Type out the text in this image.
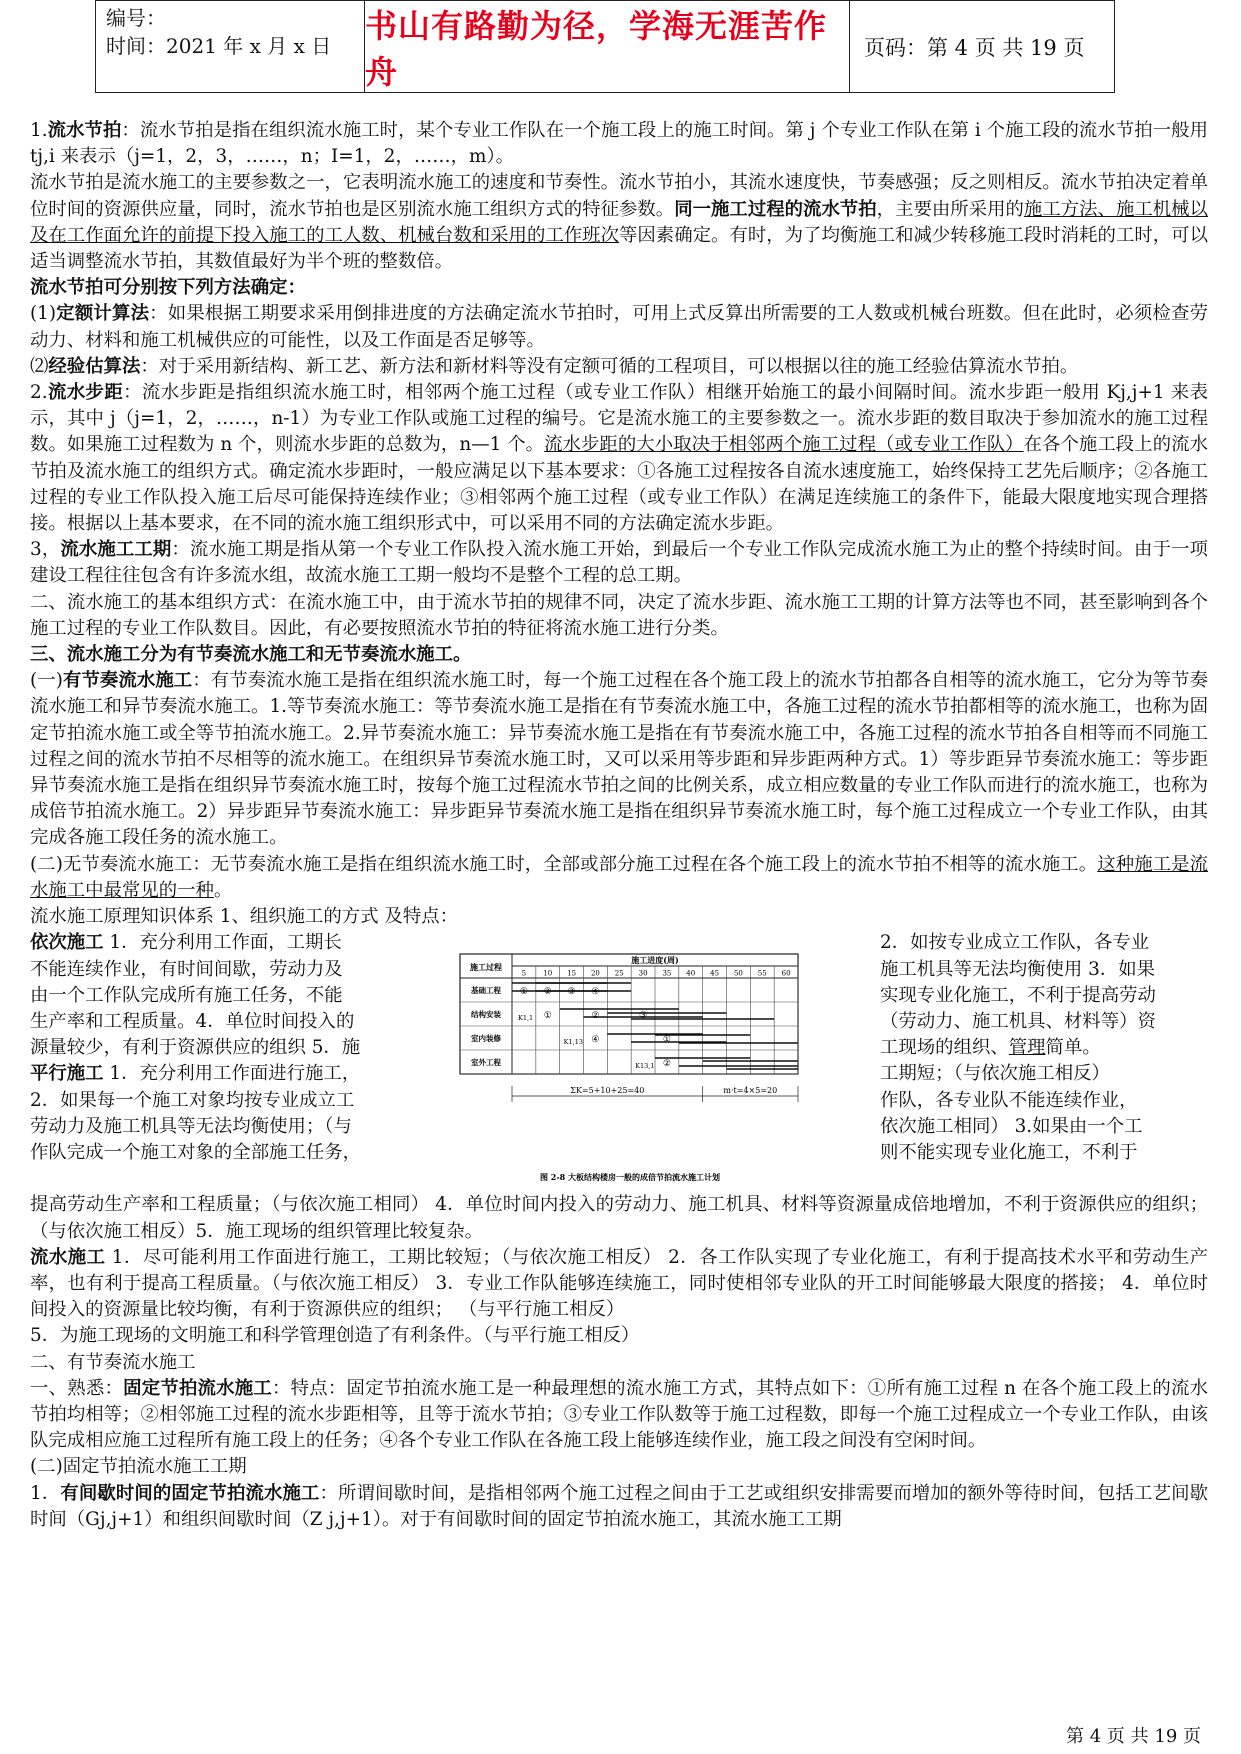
编号：
时间：2021 年 x 月 x 日
书山有路勤为径，学海无涯苦作舟
页码：第 4 页 共 19 页

1.流水节拍：流水节拍是指在组织流水施工时，某个专业工作队在一个施工段上的施工时间。第 j 个专业工作队在第 i 个施工段的流水节拍一般用 tj,i 来表示（j=1，2，3，……，n；I=1，2，……，m）。

流水节拍是流水施工的主要参数之一，它表明流水施工的速度和节奏性。流水节拍小，其流水速度快，节奏感强；反之则相反。流水节拍决定着单位时间的资源供应量，同时，流水节拍也是区别流水施工组织方式的特征参数。同一施工过程的流水节拍，主要由所采用的施工方法、施工机械以及在工作面允许的前提下投入施工的工人数、机械台数和采用的工作班次等因素确定。有时，为了均衡施工和减少转移施工段时消耗的工时，可以适当调整流水节拍，其数值最好为半个班的整数倍。

流水节拍可分别按下列方法确定：

(1)定额计算法：如果根据工期要求采用倒排进度的方法确定流水节拍时，可用上式反算出所需要的工人数或机械台班数。但在此时，必须检查劳动力、材料和施工机械供应的可能性，以及工作面是否足够等。

⑵经验估算法：对于采用新结构、新工艺、新方法和新材料等没有定额可循的工程项目，可以根据以往的施工经验估算流水节拍。

2.流水步距：流水步距是指组织流水施工时，相邻两个施工过程（或专业工作队）相继开始施工的最小间隔时间。流水步距一般用 Kj,j+1 来表示，其中 j（j=1，2，……，n-1）为专业工作队或施工过程的编号。它是流水施工的主要参数之一。流水步距的数目取决于参加流水的施工过程数。如果施工过程数为 n 个，则流水步距的总数为，n—1 个。流水步距的大小取决于相邻两个施工过程（或专业工作队）在各个施工段上的流水节拍及流水施工的组织方式。确定流水步距时，一般应满足以下基本要求：①各施工过程按各自流水速度施工，始终保持工艺先后顺序；②各施工过程的专业工作队投入施工后尽可能保持连续作业；③相邻两个施工过程（或专业工作队）在满足连续施工的条件下，能最大限度地实现合理搭接。根据以上基本要求，在不同的流水施工组织形式中，可以采用不同的方法确定流水步距。

3，流水施工工期：流水施工期是指从第一个专业工作队投入流水施工开始，到最后一个专业工作队完成流水施工为止的整个持续时间。由于一项建设工程往往包含有许多流水组，故流水施工工期一般均不是整个工程的总工期。

二、流水施工的基本组织方式：在流水施工中，由于流水节拍的规律不同，决定了流水步距、流水施工工期的计算方法等也不同，甚至影响到各个施工过程的专业工作队数目。因此，有必要按照流水节拍的特征将流水施工进行分类。

三、流水施工分为有节奏流水施工和无节奏流水施工。

(一)有节奏流水施工：有节奏流水施工是指在组织流水施工时，每一个施工过程在各个施工段上的流水节拍都各自相等的流水施工，它分为等节奏流水施工和异节奏流水施工。1.等节奏流水施工：等节奏流水施工是指在有节奏流水施工中，各施工过程的流水节拍都相等的流水施工，也称为固定节拍流水施工或全等节拍流水施工。2.异节奏流水施工：异节奏流水施工是指在有节奏流水施工中，各施工过程的流水节拍各自相等而不同施工过程之间的流水节拍不尽相等的流水施工。在组织异节奏流水施工时，又可以采用等步距和异步距两种方式。1）等步距异节奏流水施工：等步距异节奏流水施工是指在组织异节奏流水施工时，按每个施工过程流水节拍之间的比例关系，成立相应数量的专业工作队而进行的流水施工，也称为成倍节拍流水施工。2）异步距异节奏流水施工：异步距异节奏流水施工是指在组织异节奏流水施工时，每个施工过程成立一个专业工作队，由其完成各施工段任务的流水施工。

(二)无节奏流水施工：无节奏流水施工是指在组织流水施工时，全部或部分施工过程在各个施工段上的流水节拍不相等的流水施工。这种施工是流水施工中最常见的一种。

流水施工原理知识体系 1、组织施工的方式 及特点：

依次施工 1．充分利用工作面，工期长
不能连续作业，有时间间歇，劳动力及
由一个工作队完成所有施工任务，不能
生产率和工程质量。4．单位时间投入的
源量较少，有利于资源供应的组织 5．施
平行施工 1．充分利用工作面进行施工，
2．如果每一个施工对象均按专业成立工
劳动力及施工机具等无法均衡使用；（与
作队完成一个施工对象的全部施工任务，
2．如按专业成立工作队，各专业
施工机具等无法均衡使用 3．如果
实现专业化施工，不利于提高劳动
（劳动力、施工机具、材料等）资
工现场的组织、管理简单。
工期短；（与依次施工相反）
作队，各专业队不能连续作业，
依次施工相同） 3.如果由一个工
则不能实现专业化施工，不利于
施工进度(周)
施工过程
5 10 15 20 25 30 35 40 45 50 55 60
基础工程
结构安装
室内装修
室外工程
① ② ③ ④
①	②	③
④	①
②
K1,1
K1,13
K13,1
ΣK=5+10+25=40	m·t=4×5=20
图 2-8 大板结构楼房一般的成倍节拍流水施工计划

提高劳动生产率和工程质量；（与依次施工相同） 4．单位时间内投入的劳动力、施工机具、材料等资源量成倍地增加，不利于资源供应的组织；（与依次施工相反）5．施工现场的组织管理比较复杂。

流水施工 1．尽可能利用工作面进行施工，工期比较短；（与依次施工相反） 2．各工作队实现了专业化施工，有利于提高技术水平和劳动生产率，也有利于提高工程质量。（与依次施工相反） 3．专业工作队能够连续施工，同时使相邻专业队的开工时间能够最大限度的搭接； 4．单位时间投入的资源量比较均衡，有利于资源供应的组织； （与平行施工相反）

5．为施工现场的文明施工和科学管理创造了有利条件。（与平行施工相反）

二、有节奏流水施工

一、熟悉：固定节拍流水施工：特点：固定节拍流水施工是一种最理想的流水施工方式，其特点如下：①所有施工过程 n 在各个施工段上的流水节拍均相等；②相邻施工过程的流水步距相等，且等于流水节拍；③专业工作队数等于施工过程数，即每一个施工过程成立一个专业工作队，由该队完成相应施工过程所有施工段上的任务；④各个专业工作队在各施工段上能够连续作业，施工段之间没有空闲时间。

(二)固定节拍流水施工工期

1．有间歇时间的固定节拍流水施工：所谓间歇时间，是指相邻两个施工过程之间由于工艺或组织安排需要而增加的额外等待时间，包括工艺间歇时间（Gj,j+1）和组织间歇时间（Z j,j+1）。对于有间歇时间的固定节拍流水施工，其流水施工工期

第 4 页 共 19 页
